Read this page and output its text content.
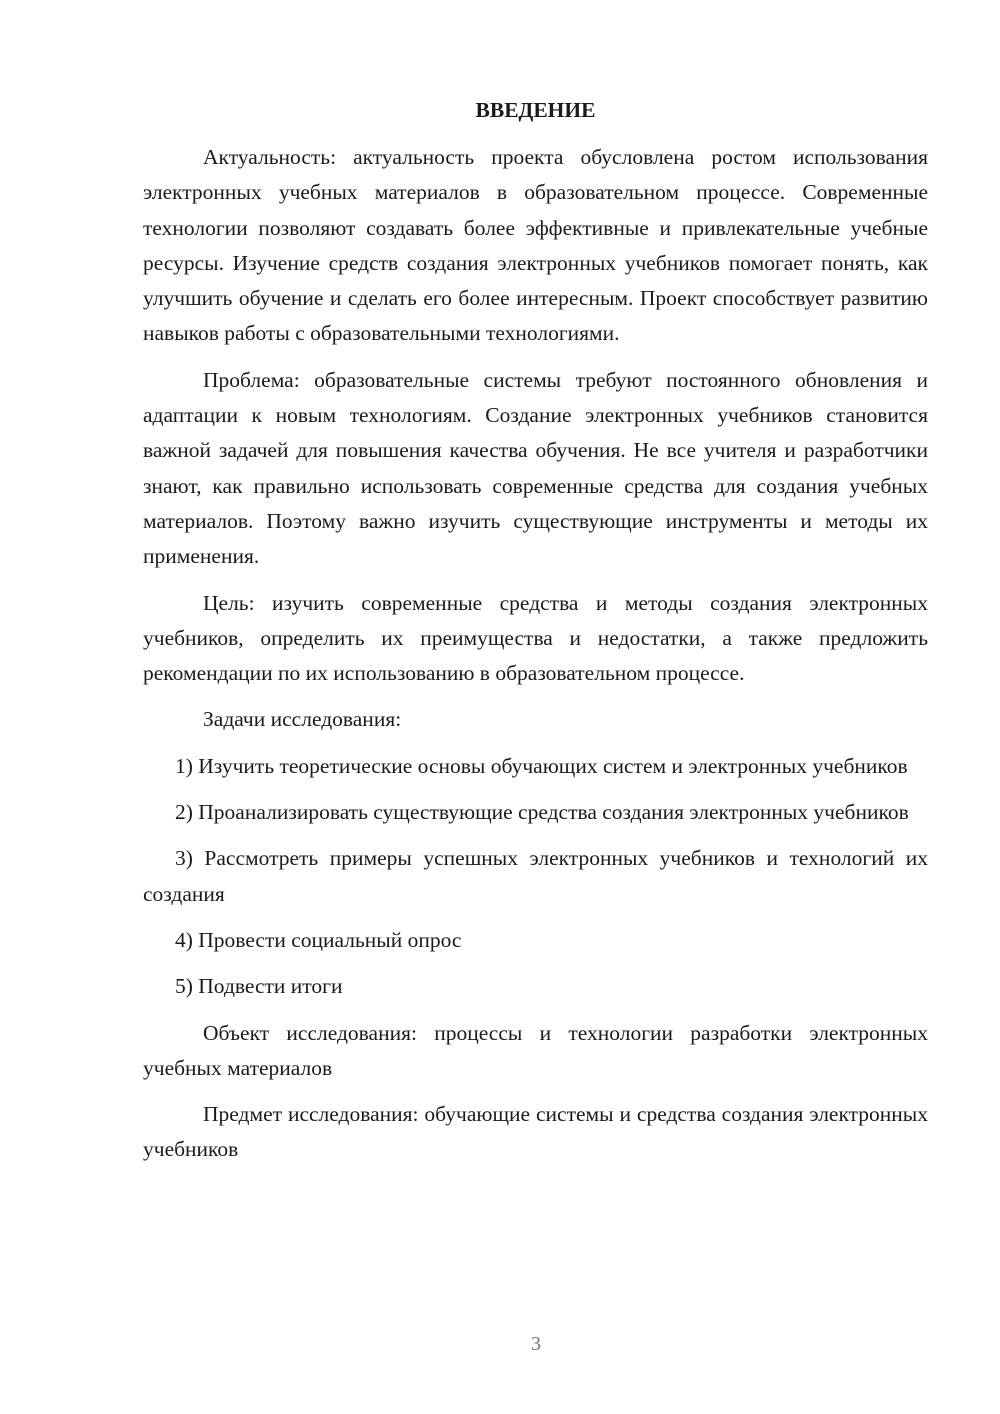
ВВЕДЕНИЕ

Актуальность: актуальность проекта обусловлена ростом использования электронных учебных материалов в образовательном процессе. Современные технологии позволяют создавать более эффективные и привлекательные учебные ресурсы. Изучение средств создания электронных учебников помогает понять, как улучшить обучение и сделать его более интересным. Проект способствует развитию навыков работы с образовательными технологиями.

Проблема: образовательные системы требуют постоянного обновления и адаптации к новым технологиям. Создание электронных учебников становится важной задачей для повышения качества обучения. Не все учителя и разработчики знают, как правильно использовать современные средства для создания учебных материалов. Поэтому важно изучить существующие инструменты и методы их применения.

Цель: изучить современные средства и методы создания электронных учебников, определить их преимущества и недостатки, а также предложить рекомендации по их использованию в образовательном процессе.

Задачи исследования:

1) Изучить теоретические основы обучающих систем и электронных учебников

2) Проанализировать существующие средства создания электронных учебников

3) Рассмотреть примеры успешных электронных учебников и технологий их создания

4) Провести социальный опрос

5) Подвести итоги

Объект исследования: процессы и технологии разработки электронных учебных материалов

Предмет исследования: обучающие системы и средства создания электронных учебников

3
